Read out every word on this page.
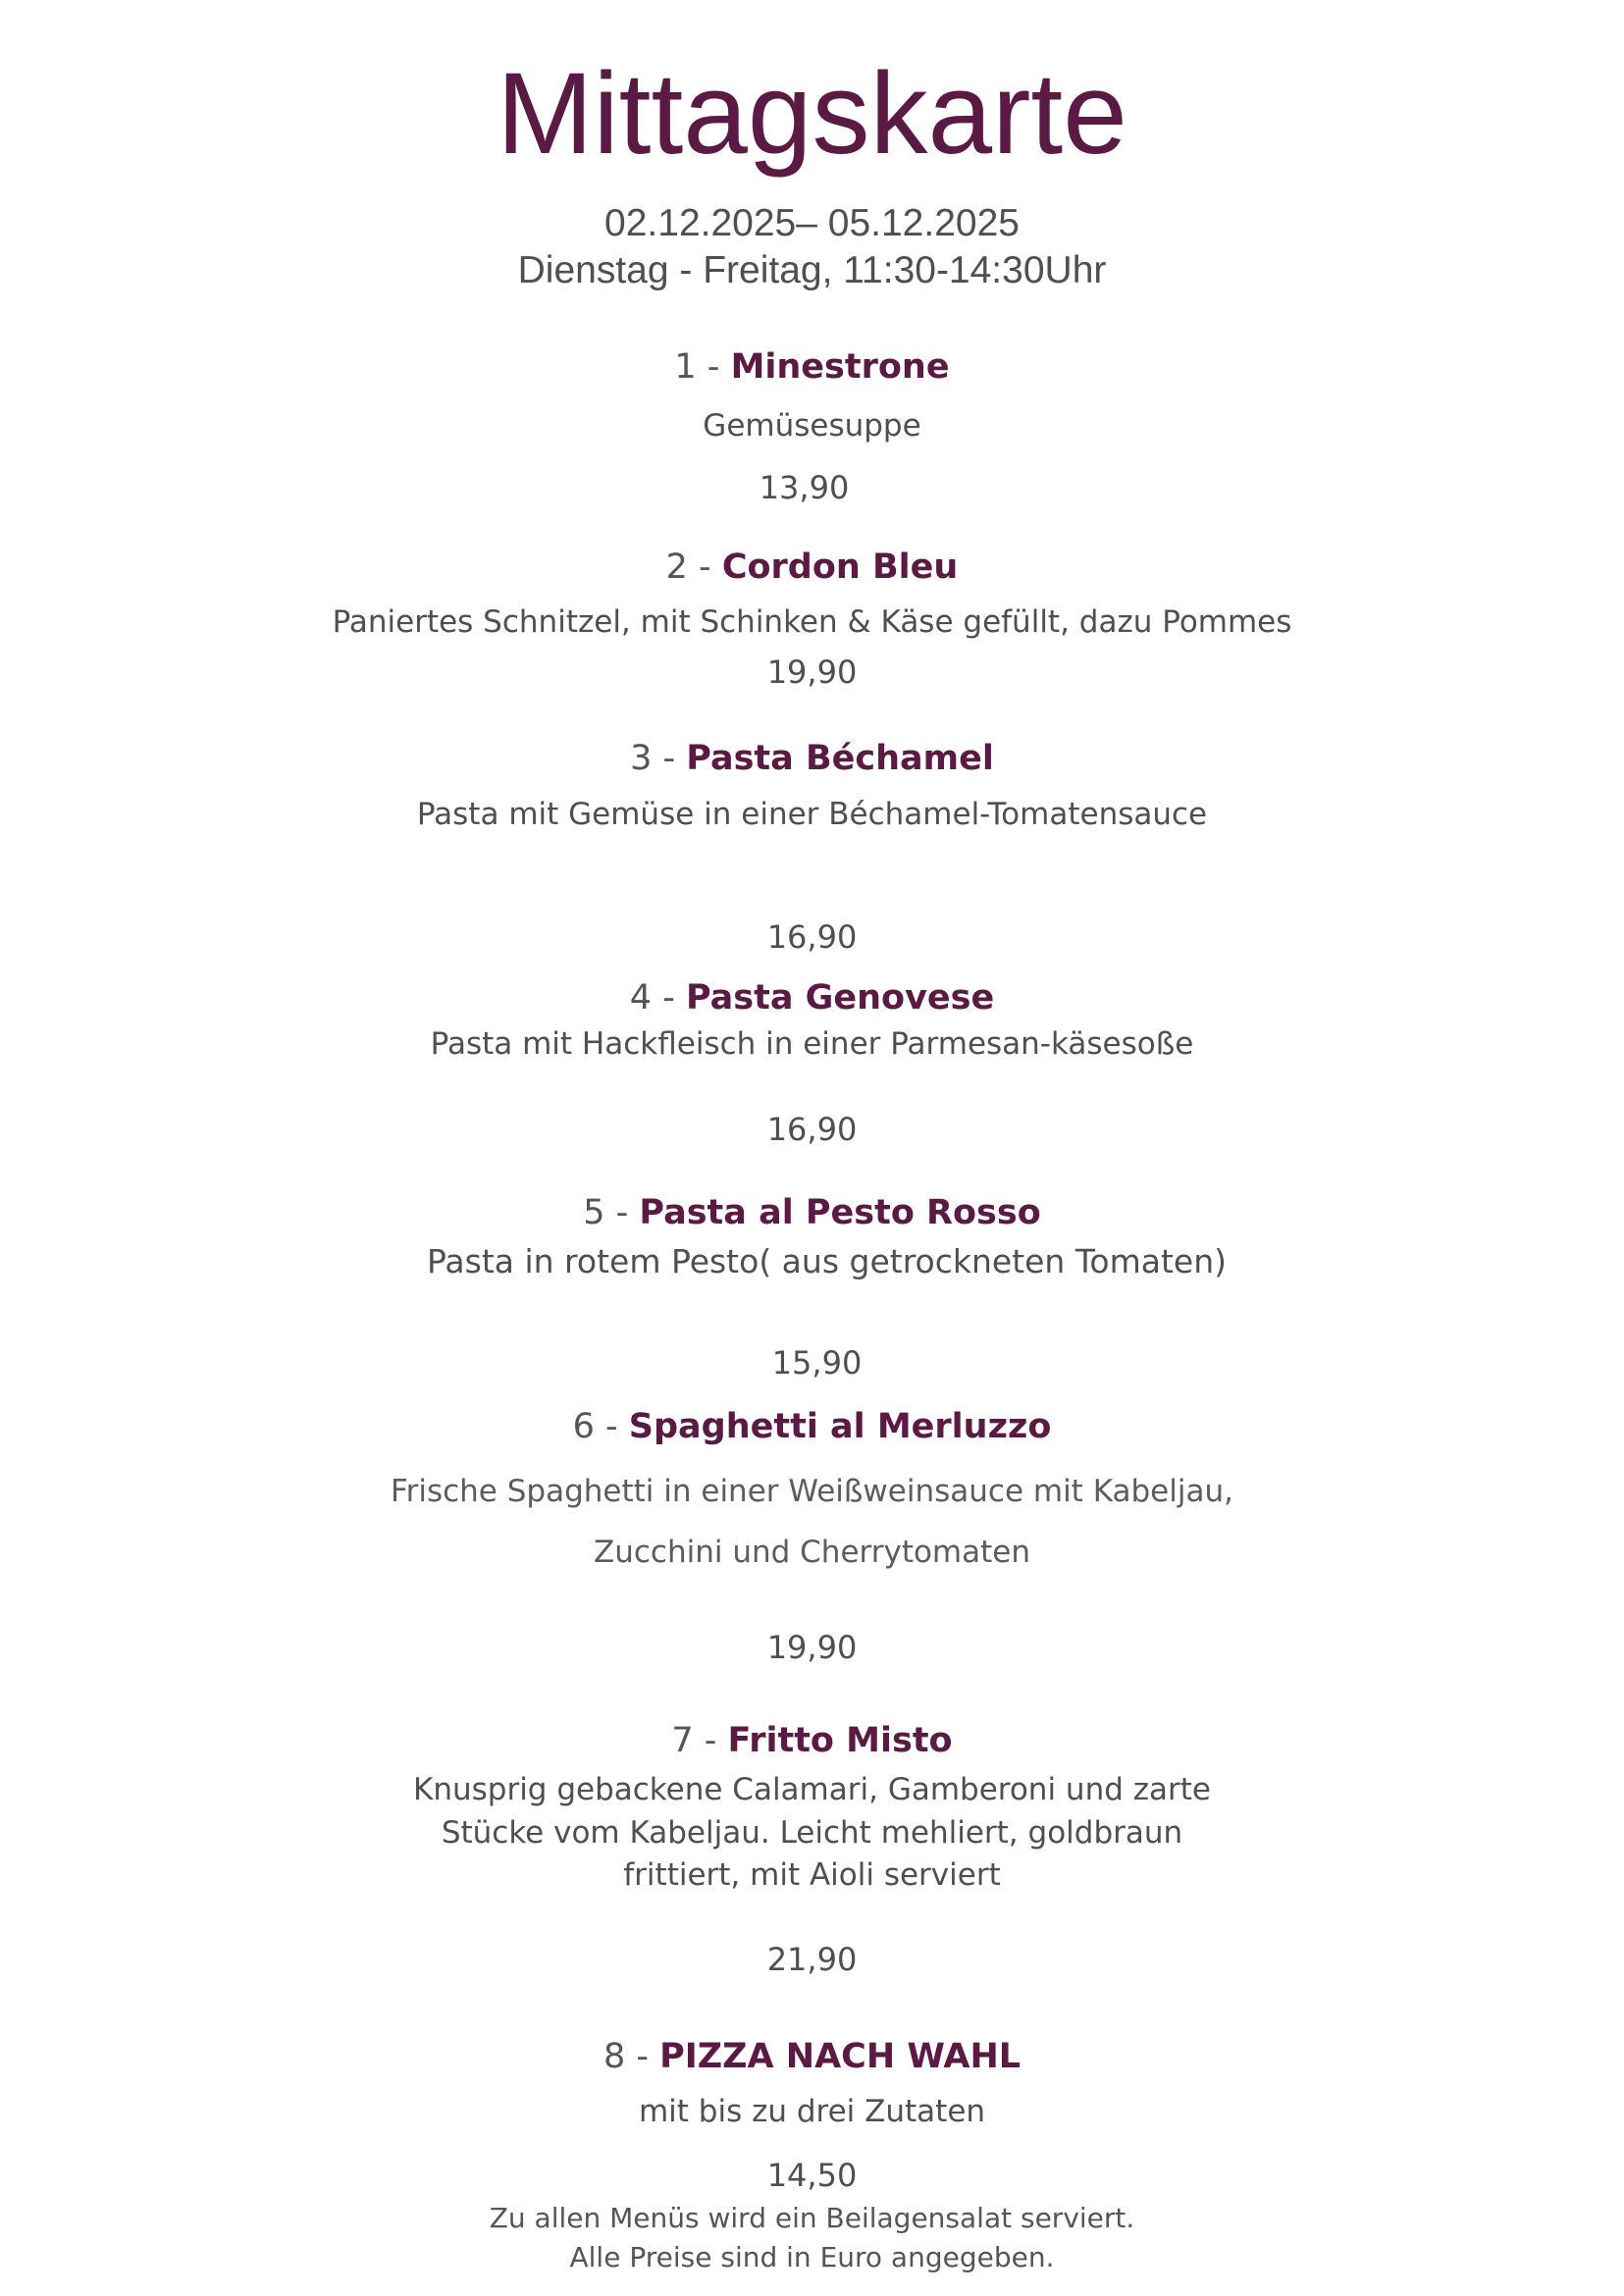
Mittagskarte
02.12.2025– 05.12.2025
Dienstag - Freitag, 11:30-14:30Uhr
1 - Minestrone
Gemüsesuppe
13,90
2 - Cordon Bleu
Paniertes Schnitzel, mit Schinken & Käse gefüllt, dazu Pommes
19,90
3 - Pasta Béchamel
Pasta mit Gemüse in einer Béchamel-Tomatensauce
16,90
4 - Pasta Genovese
Pasta mit Hackfleisch in einer Parmesan-käsesoße
16,90
5 - Pasta al Pesto Rosso
Pasta in rotem Pesto( aus getrockneten Tomaten)
15,90
6 - Spaghetti al Merluzzo
Frische Spaghetti in einer Weißweinsauce mit Kabeljau,
Zucchini und Cherrytomaten
19,90
7 - Fritto Misto
Knusprig gebackene Calamari, Gamberoni und zarte
Stücke vom Kabeljau. Leicht mehliert, goldbraun
frittiert, mit Aioli serviert
21,90
8 - PIZZA NACH WAHL
mit bis zu drei Zutaten
14,50
Zu allen Menüs wird ein Beilagensalat serviert.
Alle Preise sind in Euro angegeben.
